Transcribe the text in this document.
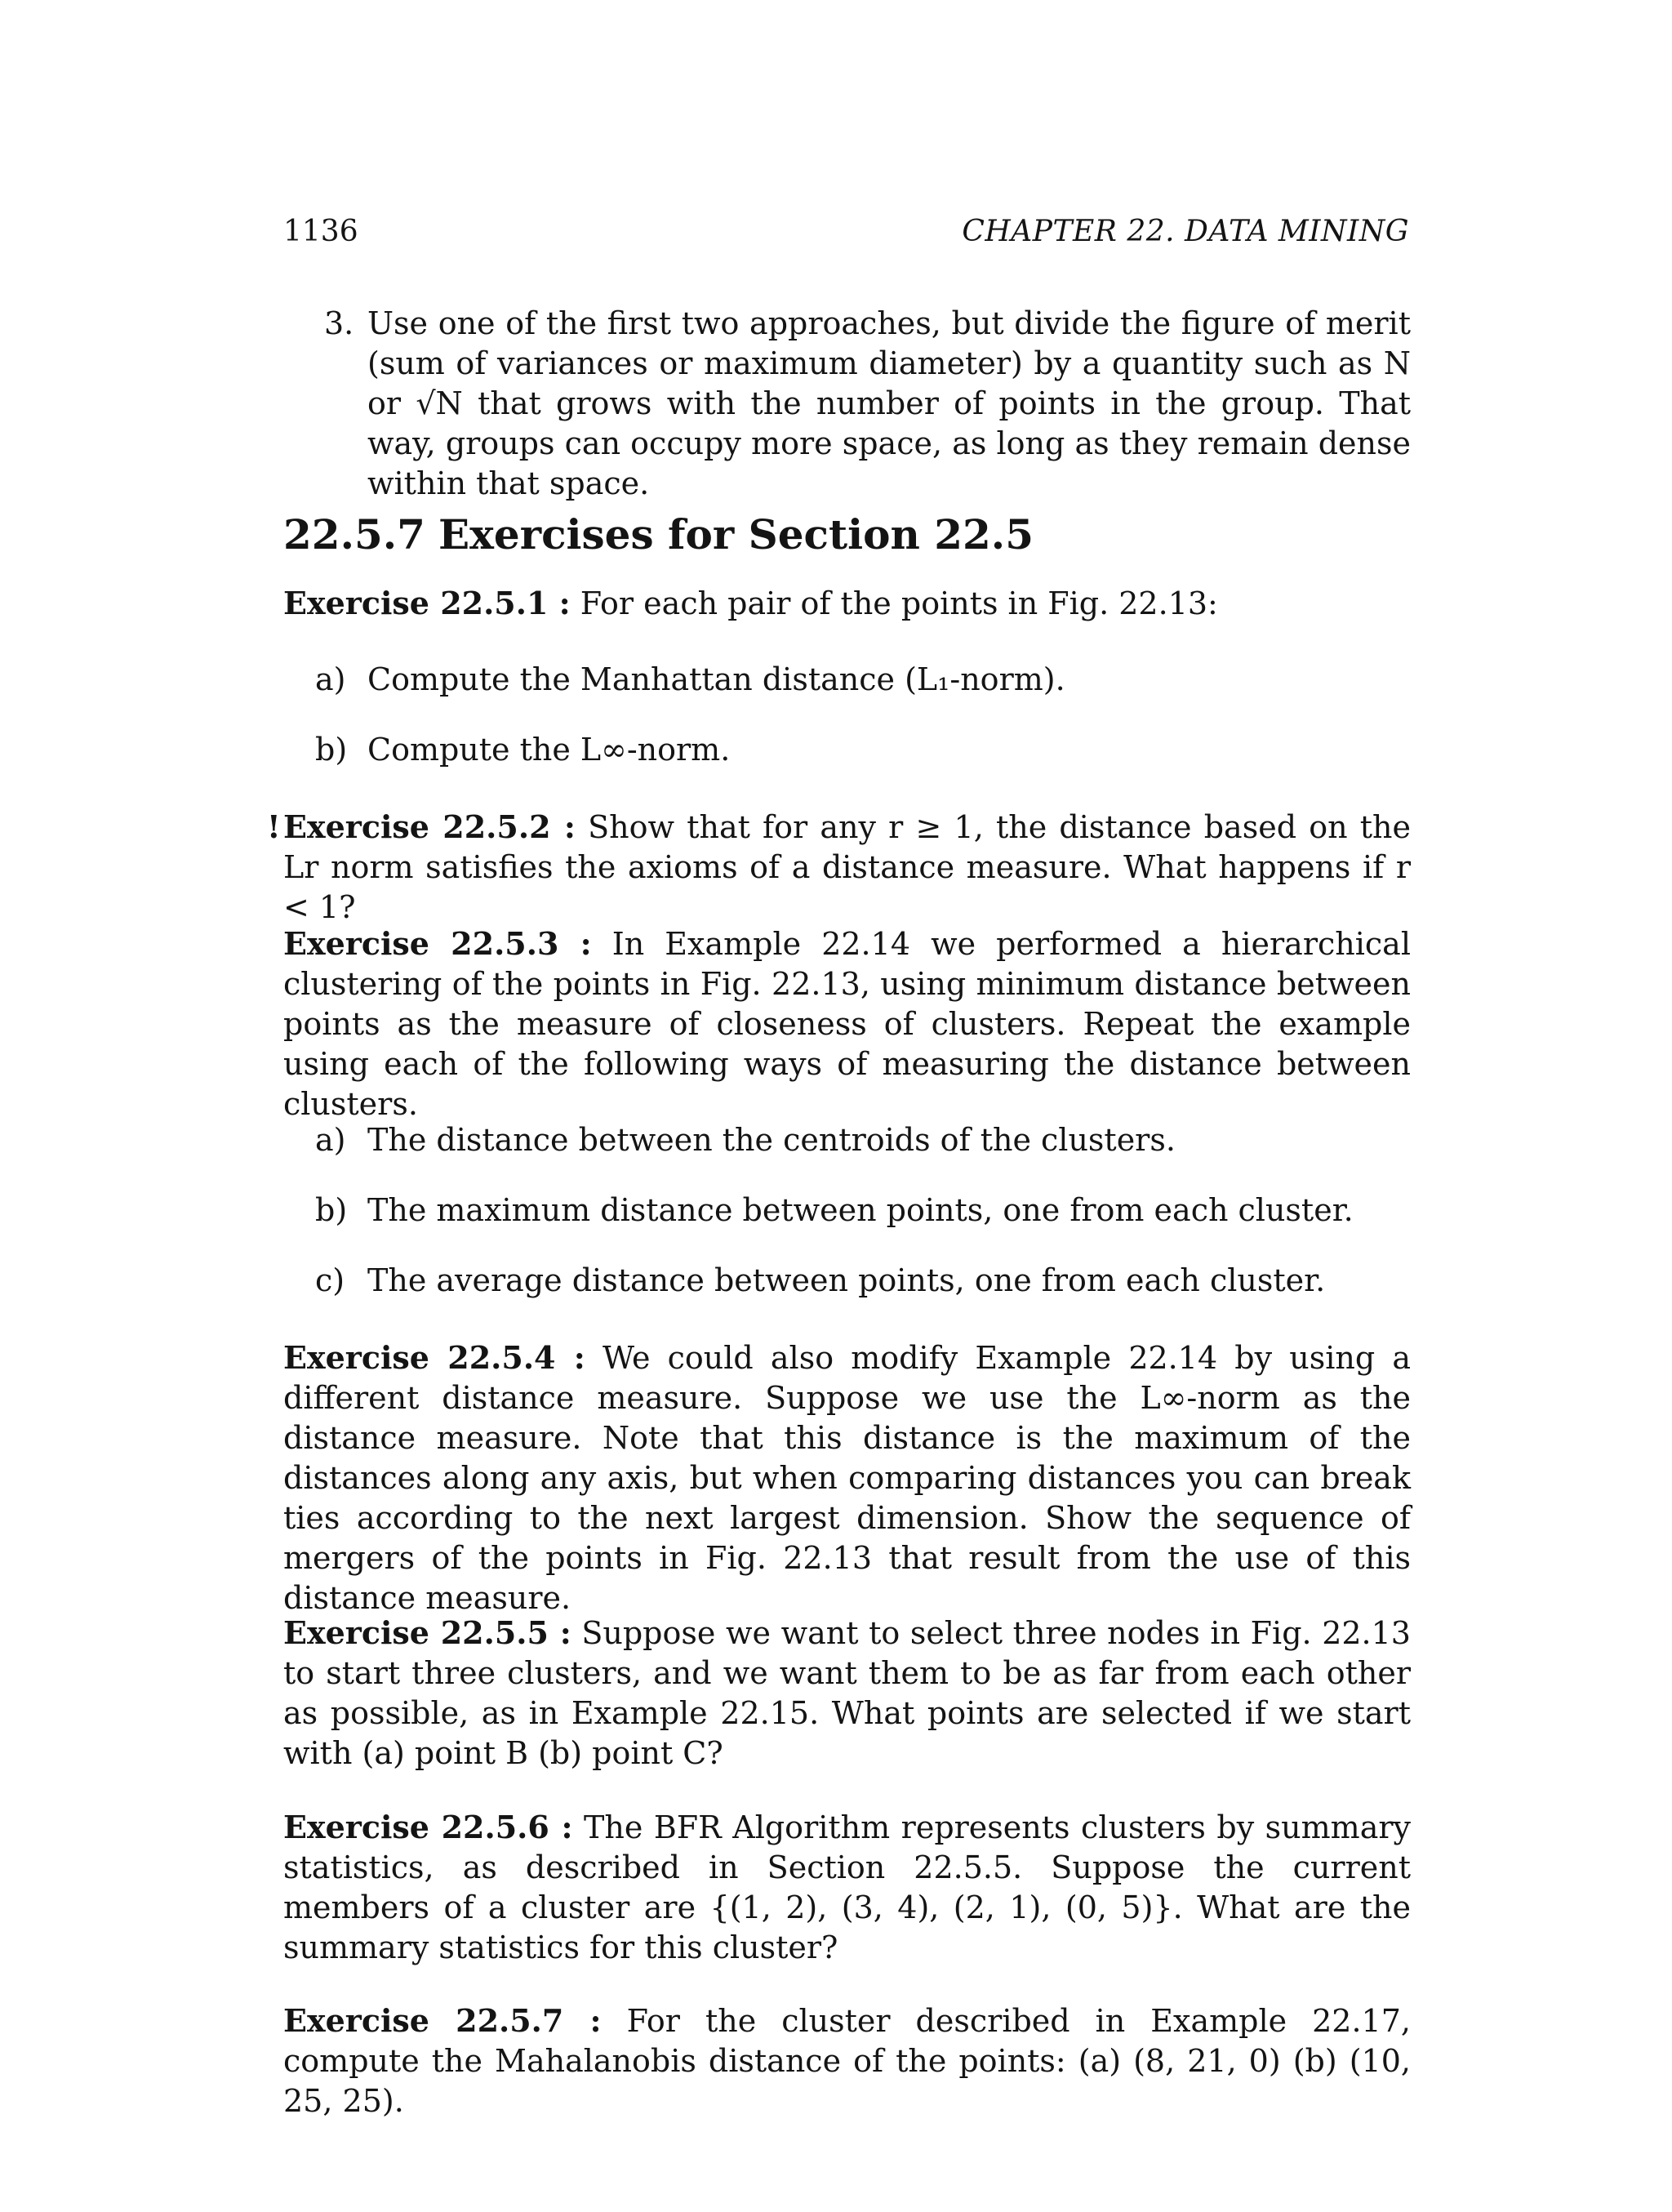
1136	CHAPTER 22. DATA MINING
3. Use one of the first two approaches, but divide the figure of merit (sum of variances or maximum diameter) by a quantity such as N or √N that grows with the number of points in the group. That way, groups can occupy more space, as long as they remain dense within that space.
22.5.7 Exercises for Section 22.5
Exercise 22.5.1 : For each pair of the points in Fig. 22.13:
a) Compute the Manhattan distance (L₁-norm).
b) Compute the L∞-norm.
! Exercise 22.5.2 : Show that for any r ≥ 1, the distance based on the Lr norm satisfies the axioms of a distance measure. What happens if r < 1?
Exercise 22.5.3 : In Example 22.14 we performed a hierarchical clustering of the points in Fig. 22.13, using minimum distance between points as the measure of closeness of clusters. Repeat the example using each of the following ways of measuring the distance between clusters.
a) The distance between the centroids of the clusters.
b) The maximum distance between points, one from each cluster.
c) The average distance between points, one from each cluster.
Exercise 22.5.4 : We could also modify Example 22.14 by using a different distance measure. Suppose we use the L∞-norm as the distance measure. Note that this distance is the maximum of the distances along any axis, but when comparing distances you can break ties according to the next largest dimension. Show the sequence of mergers of the points in Fig. 22.13 that result from the use of this distance measure.
Exercise 22.5.5 : Suppose we want to select three nodes in Fig. 22.13 to start three clusters, and we want them to be as far from each other as possible, as in Example 22.15. What points are selected if we start with (a) point B (b) point C?
Exercise 22.5.6 : The BFR Algorithm represents clusters by summary statistics, as described in Section 22.5.5. Suppose the current members of a cluster are {(1, 2), (3, 4), (2, 1), (0, 5)}. What are the summary statistics for this cluster?
Exercise 22.5.7 : For the cluster described in Example 22.17, compute the Mahalanobis distance of the points: (a) (8, 21, 0) (b) (10, 25, 25).
